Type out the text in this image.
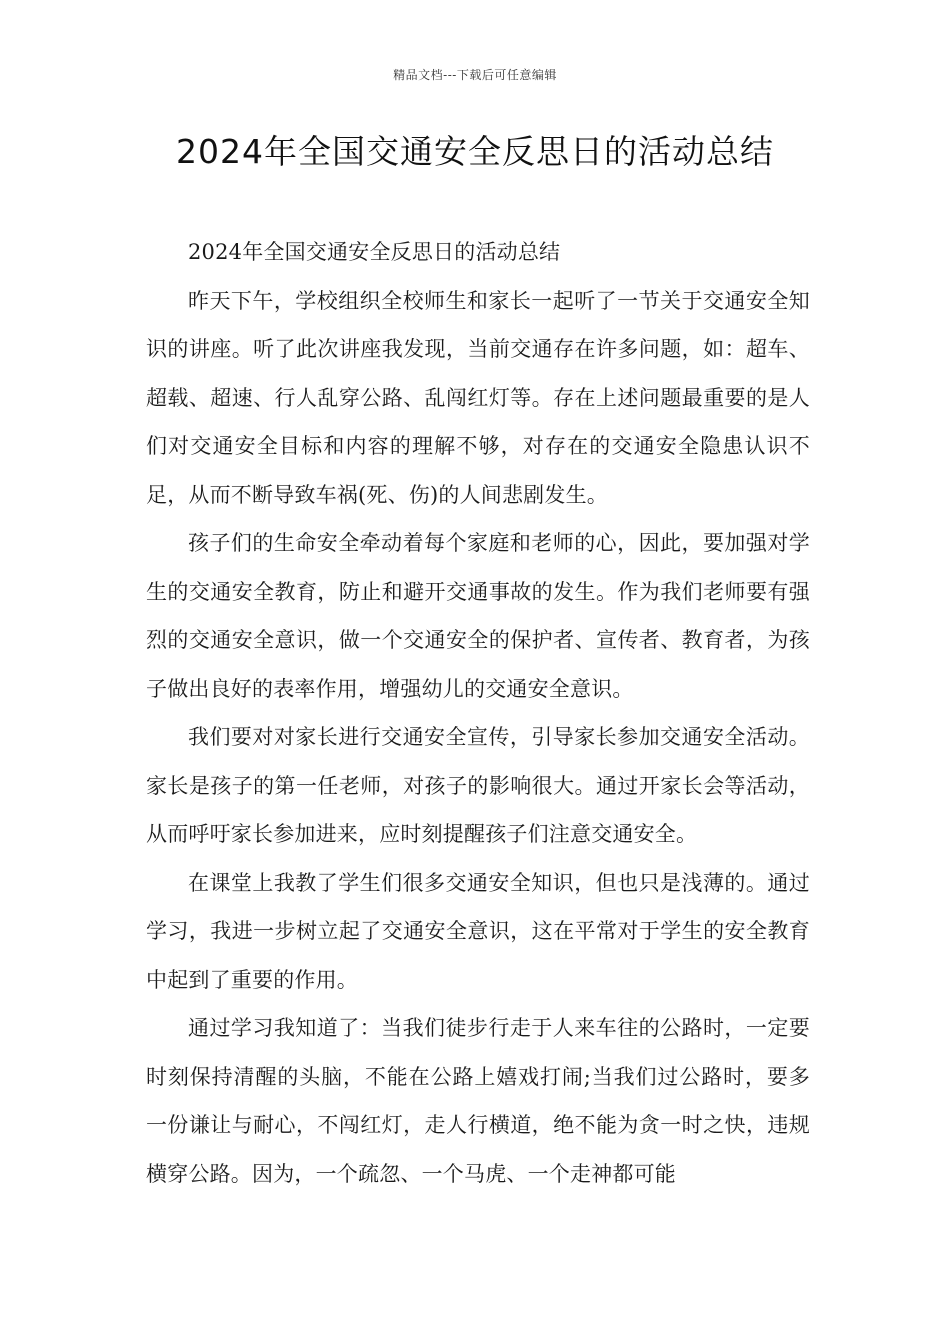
精品文档---下载后可任意编辑
2024年全国交通安全反思日的活动总结

2024年全国交通安全反思日的活动总结

昨天下午，学校组织全校师生和家长一起听了一节关于交通安全知识的讲座。听了此次讲座我发现，当前交通存在许多问题，如：超车、超载、超速、行人乱穿公路、乱闯红灯等。存在上述问题最重要的是人们对交通安全目标和内容的理解不够，对存在的交通安全隐患认识不足，从而不断导致车祸(死、伤)的人间悲剧发生。

孩子们的生命安全牵动着每个家庭和老师的心，因此，要加强对学生的交通安全教育，防止和避开交通事故的发生。作为我们老师要有强烈的交通安全意识，做一个交通安全的保护者、宣传者、教育者，为孩子做出良好的表率作用，增强幼儿的交通安全意识。

我们要对对家长进行交通安全宣传，引导家长参加交通安全活动。家长是孩子的第一任老师，对孩子的影响很大。通过开家长会等活动，从而呼吁家长参加进来，应时刻提醒孩子们注意交通安全。

在课堂上我教了学生们很多交通安全知识，但也只是浅薄的。通过学习，我进一步树立起了交通安全意识，这在平常对于学生的安全教育中起到了重要的作用。

通过学习我知道了：当我们徒步行走于人来车往的公路时，一定要时刻保持清醒的头脑，不能在公路上嬉戏打闹;当我们过公路时，要多一份谦让与耐心，不闯红灯，走人行横道，绝不能为贪一时之快，违规横穿公路。因为，一个疏忽、一个马虎、一个走神都可能
